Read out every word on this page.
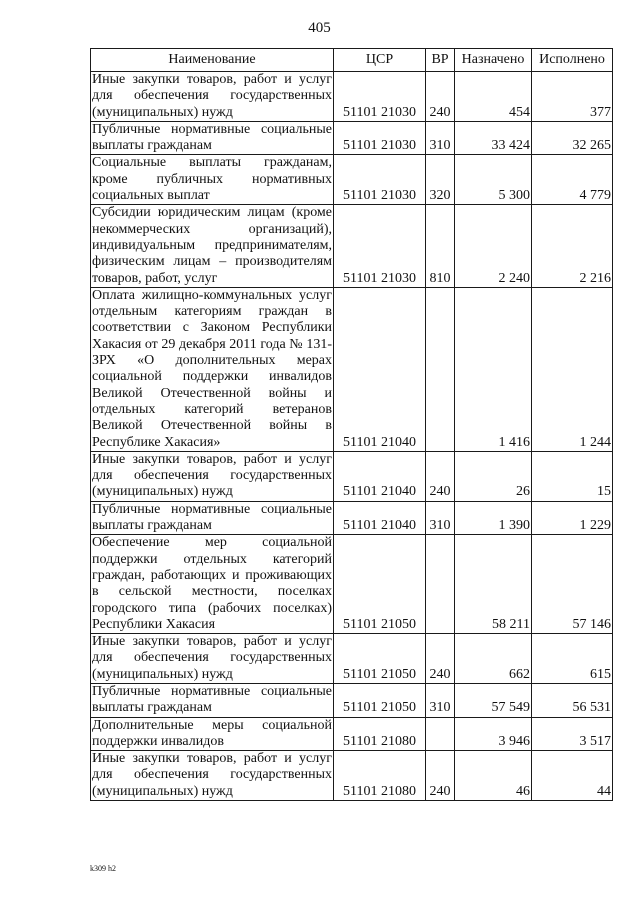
405
Наименование	ЦСР	ВР	Назначено	Исполнено
Иные закупки товаров, работ и услуг для обеспечения государственных (муниципальных) нужд	51101 21030	240	454	377
Публичные нормативные социальные выплаты гражданам	51101 21030	310	33 424	32 265
Социальные выплаты гражданам, кроме публичных нормативных социальных выплат	51101 21030	320	5 300	4 779
Субсидии юридическим лицам (кроме некоммерческих организаций), индивидуальным предпринимателям, физическим лицам – производителям товаров, работ, услуг	51101 21030	810	2 240	2 216
Оплата жилищно-коммунальных услуг отдельным категориям граждан в соответствии с Законом Республики Хакасия от 29 декабря 2011 года № 131-ЗРХ «О дополнительных мерах социальной поддержки инвалидов Великой Отечественной войны и отдельных категорий ветеранов Великой Отечественной войны в Республике Хакасия»	51101 21040		1 416	1 244
Иные закупки товаров, работ и услуг для обеспечения государственных (муниципальных) нужд	51101 21040	240	26	15
Публичные нормативные социальные выплаты гражданам	51101 21040	310	1 390	1 229
Обеспечение мер социальной поддержки отдельных категорий граждан, работающих и проживающих в сельской местности, поселках городского типа (рабочих поселках) Республики Хакасия	51101 21050		58 211	57 146
Иные закупки товаров, работ и услуг для обеспечения государственных (муниципальных) нужд	51101 21050	240	662	615
Публичные нормативные социальные выплаты гражданам	51101 21050	310	57 549	56 531
Дополнительные меры социальной поддержки инвалидов	51101 21080		3 946	3 517
Иные закупки товаров, работ и услуг для обеспечения государственных (муниципальных) нужд	51101 21080	240	46	44
k309 h2
